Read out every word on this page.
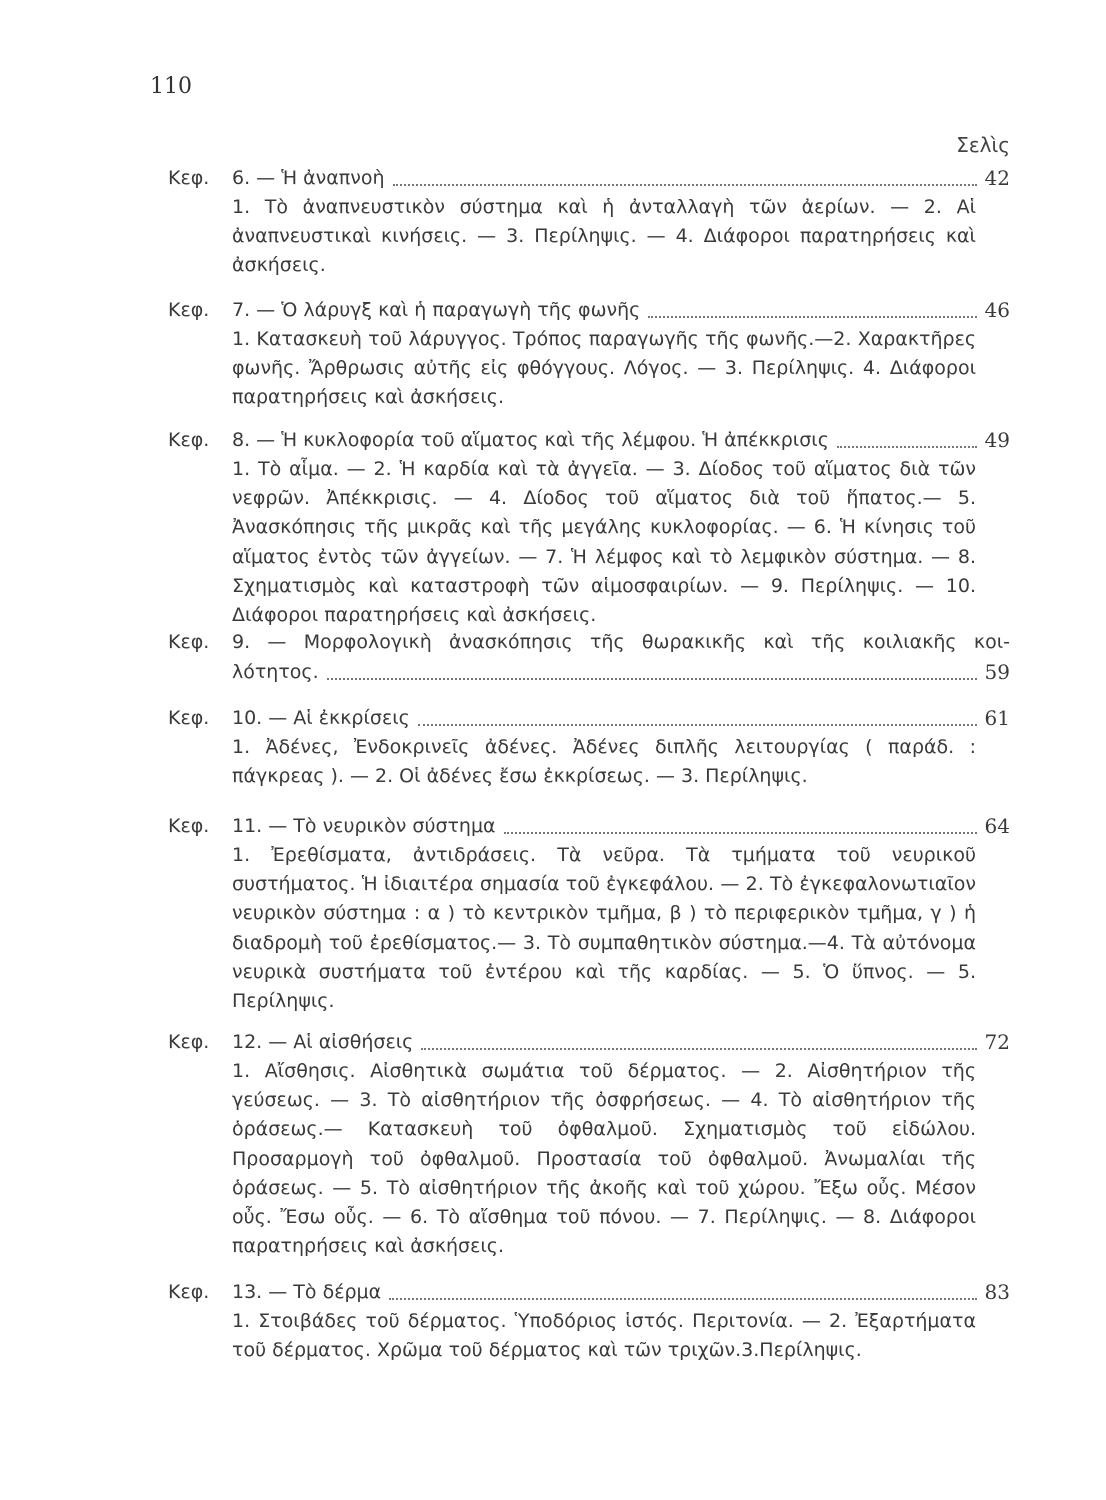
110
Σελὶς
Κεφ. 6. — Ἡ ἀναπνοὴ	42
1. Τὸ ἀναπνευστικὸν σύστημα καὶ ἡ ἀνταλλαγὴ τῶν ἀερίων. — 2. Αἱ ἀναπνευστικαὶ κινήσεις. — 3. Περίληψις. — 4. Διάφοροι παρατηρήσεις καὶ ἀσκήσεις.
Κεφ. 7. — Ὁ λάρυγξ καὶ ἡ παραγωγὴ τῆς φωνῆς	46
1. Κατασκευὴ τοῦ λάρυγγος. Τρόπος παραγωγῆς τῆς φωνῆς.—2. Χαρακτῆρες φωνῆς. Ἄρθρωσις αὐτῆς εἰς φθόγγους. Λόγος. — 3. Περίληψις. 4. Διάφοροι παρατηρήσεις καὶ ἀσκήσεις.
Κεφ. 8. — Ἡ κυκλοφορία τοῦ αἵματος καὶ τῆς λέμφου. Ἡ ἀπέκκρισις	49
1. Τὸ αἷμα. — 2. Ἡ καρδία καὶ τὰ ἀγγεῖα. — 3. Δίοδος τοῦ αἵματος διὰ τῶν νεφρῶν. Ἀπέκκρισις. — 4. Δίοδος τοῦ αἵματος διὰ τοῦ ἥπατος.— 5. Ἀνασκόπησις τῆς μικρᾶς καὶ τῆς μεγάλης κυκλοφορίας. — 6. Ἡ κίνησις τοῦ αἵματος ἐντὸς τῶν ἀγγείων. — 7. Ἡ λέμφος καὶ τὸ λεμφικὸν σύστημα. — 8. Σχηματισμὸς καὶ καταστροφὴ τῶν αἱμοσφαιρίων. — 9. Περίληψις. — 10. Διάφοροι παρατηρήσεις καὶ ἀσκήσεις.
Κεφ. 9. — Μορφολογικὴ ἀνασκόπησις τῆς θωρακικῆς καὶ τῆς κοιλιακῆς κοι-
λότητος.	59
Κεφ. 10. — Αἱ ἐκκρίσεις	61
1. Ἀδένες, Ἐνδοκρινεῖς ἀδένες. Ἀδένες διπλῆς λειτουργίας ( παράδ. : πάγκρεας ). — 2. Οἱ ἀδένες ἔσω ἐκκρίσεως. — 3. Περίληψις.
Κεφ. 11. — Τὸ νευρικὸν σύστημα	64
1. Ἐρεθίσματα, ἀντιδράσεις. Τὰ νεῦρα. Τὰ τμήματα τοῦ νευρικοῦ συστήματος. Ἡ ἰδιαιτέρα σημασία τοῦ ἐγκεφάλου. — 2. Τὸ ἐγκεφαλονωτιαῖον νευρικὸν σύστημα : α ) τὸ κεντρικὸν τμῆμα, β ) τὸ περιφερικὸν τμῆμα, γ ) ἡ διαδρομὴ τοῦ ἐρεθίσματος.— 3. Τὸ συμπαθητικὸν σύστημα.—4. Τὰ αὐτόνομα νευρικὰ συστήματα τοῦ ἐντέρου καὶ τῆς καρδίας. — 5. Ὁ ὕπνος. — 5. Περίληψις.
Κεφ. 12. — Αἱ αἰσθήσεις	72
1. Αἴσθησις. Αἰσθητικὰ σωμάτια τοῦ δέρματος. — 2. Αἰσθητήριον τῆς γεύσεως. — 3. Τὸ αἰσθητήριον τῆς ὀσφρήσεως. — 4. Τὸ αἰσθητήριον τῆς ὁράσεως.— Κατασκευὴ τοῦ ὀφθαλμοῦ. Σχηματισμὸς τοῦ εἰδώλου. Προσαρμογὴ τοῦ ὀφθαλμοῦ. Προστασία τοῦ ὀφθαλμοῦ. Ἀνωμαλίαι τῆς ὁράσεως. — 5. Τὸ αἰσθητήριον τῆς ἀκοῆς καὶ τοῦ χώρου. Ἔξω οὖς. Μέσον οὖς. Ἔσω οὖς. — 6. Τὸ αἴσθημα τοῦ πόνου. — 7. Περίληψις. — 8. Διάφοροι παρατηρήσεις καὶ ἀσκήσεις.
Κεφ. 13. — Τὸ δέρμα	83
1. Στοιβάδες τοῦ δέρματος. Ὑποδόριος ἱστός. Περιτονία. — 2. Ἐξαρτήματα τοῦ δέρματος. Χρῶμα τοῦ δέρματος καὶ τῶν τριχῶν.3.Περίληψις.
